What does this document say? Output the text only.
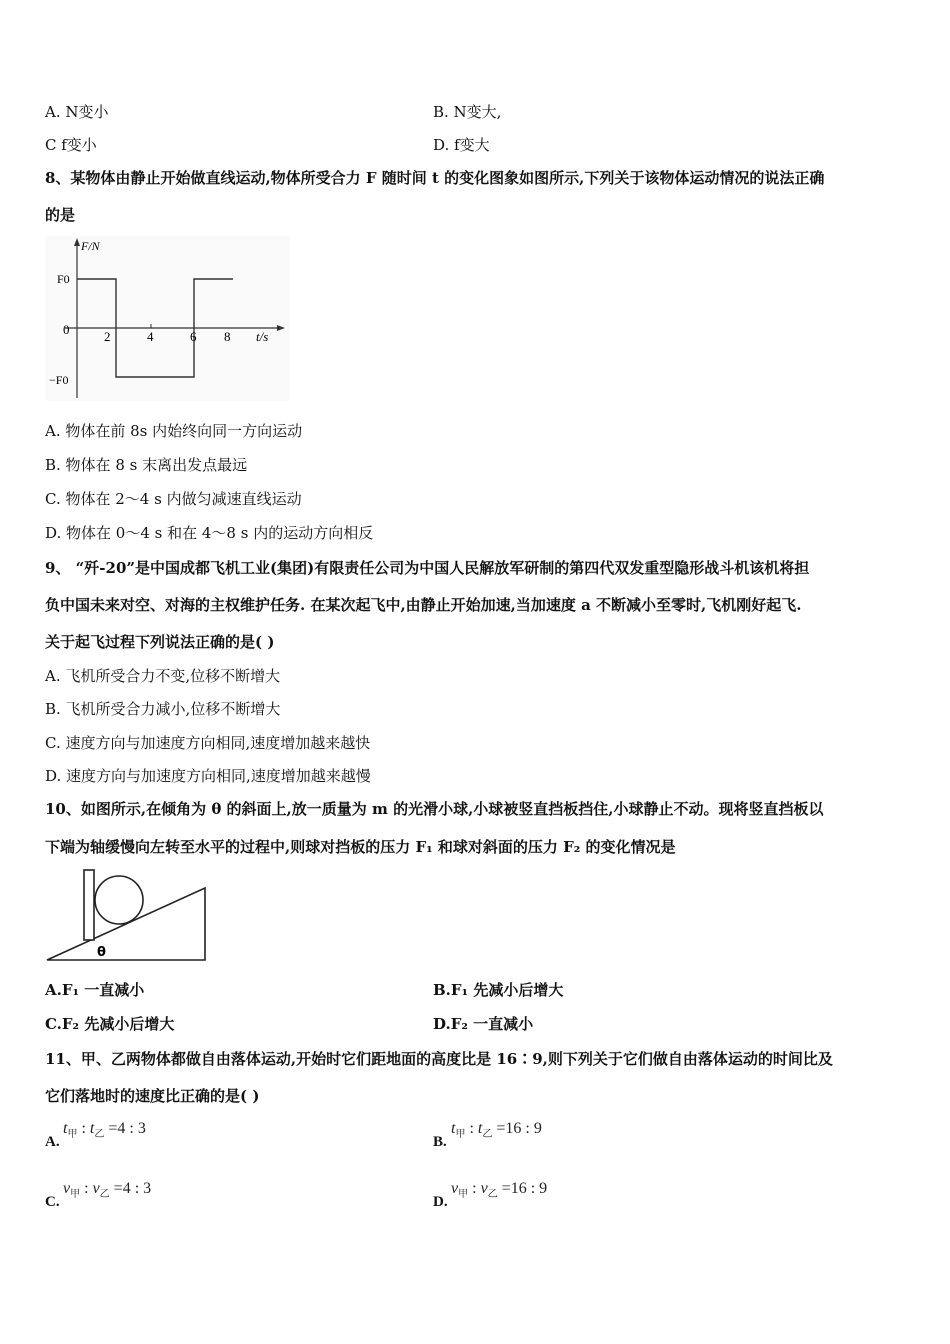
A. N变小	B. N变大,
C f变小	D. f变大
8、某物体由静止开始做直线运动,物体所受合力 F 随时间 t 的变化图象如图所示,下列关于该物体运动情况的说法正确
的是
F/N
F0
0
−F0
2	4	6 8 t/s
A. 物体在前 8s 内始终向同一方向运动
B. 物体在 8 s 末离出发点最远
C. 物体在 2～4 s 内做匀减速直线运动
D. 物体在 0～4 s 和在 4～8 s 内的运动方向相反
9、 “歼-20”是中国成都飞机工业(集团)有限责任公司为中国人民解放军研制的第四代双发重型隐形战斗机该机将担
负中国未来对空、对海的主权维护任务. 在某次起飞中,由静止开始加速,当加速度 a 不断减小至零时,飞机刚好起飞.
关于起飞过程下列说法正确的是( )
A. 飞机所受合力不变,位移不断增大
B. 飞机所受合力减小,位移不断增大
C. 速度方向与加速度方向相同,速度增加越来越快
D. 速度方向与加速度方向相同,速度增加越来越慢
10、如图所示,在倾角为 θ 的斜面上,放一质量为 m 的光滑小球,小球被竖直挡板挡住,小球静止不动。现将竖直挡板以
下端为轴缓慢向左转至水平的过程中,则球对挡板的压力 F₁ 和球对斜面的压力 F₂ 的变化情况是
θ
A.F₁ 一直减小	B.F₁ 先减小后增大
C.F₂ 先减小后增大	D.F₂ 一直减小
11、甲、乙两物体都做自由落体运动,开始时它们距地面的高度比是 16∶9,则下列关于它们做自由落体运动的时间比及
它们落地时的速度比正确的是( )
A.
$t_甲$ : $t_乙 =4$ : 3
B.
$t_甲$ : $t_乙 =16$ : 9
C.
$v_甲$ : $v_乙 =4$ : 3
D.
$v_甲$ : $v_乙 =16$ : 9
